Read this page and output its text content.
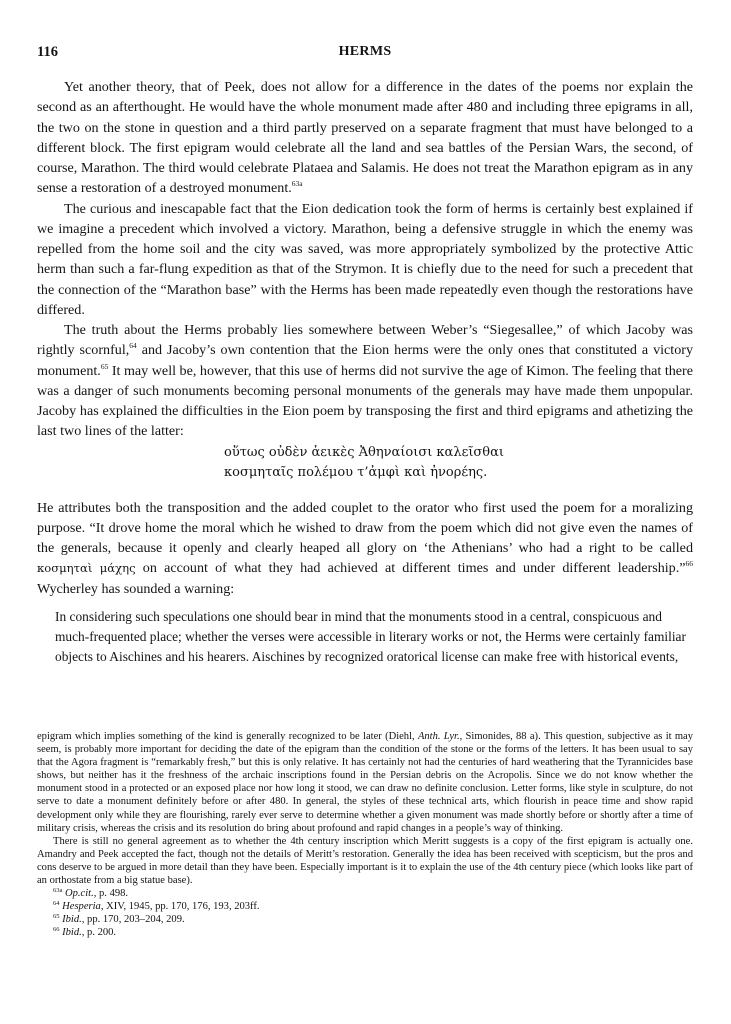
116	HERMS

Yet another theory, that of Peek, does not allow for a difference in the dates of the poems nor explain the second as an afterthought. He would have the whole monument made after 480 and including three epigrams in all, the two on the stone in question and a third partly preserved on a separate fragment that must have belonged to a different block. The first epigram would celebrate all the land and sea battles of the Persian Wars, the second, of course, Marathon. The third would celebrate Plataea and Salamis. He does not treat the Marathon epigram as in any sense a restoration of a destroyed monument.$^{63a}$

The curious and inescapable fact that the Eion dedication took the form of herms is certainly best explained if we imagine a precedent which involved a victory. Marathon, being a defensive struggle in which the enemy was repelled from the home soil and the city was saved, was more appropriately symbolized by the protective Attic herm than such a far-flung expedition as that of the Strymon. It is chiefly due to the need for such a precedent that the connection of the “Marathon base” with the Herms has been made repeatedly even though the restorations have differed.

The truth about the Herms probably lies somewhere between Weber’s “Siegesallee,” of which Jacoby was rightly scornful,$^{64}$ and Jacoby’s own contention that the Eion herms were the only ones that constituted a victory monument.$^{65}$ It may well be, however, that this use of herms did not survive the age of Kimon. The feeling that there was a danger of such monuments becoming personal monuments of the generals may have made them unpopular. Jacoby has explained the difficulties in the Eion poem by transposing the first and third epigrams and athetizing the last two lines of the latter:

οὕτως οὐδὲν ἀεικὲς Ἀθηναίοισι καλεῖσθαι
κοσμηταῖς πολέμου τ’ἀμφὶ καὶ ἠνορέης.

He attributes both the transposition and the added couplet to the orator who first used the poem for a moralizing purpose. “It drove home the moral which he wished to draw from the poem which did not give even the names of the generals, because it openly and clearly heaped all glory on ‘the Athenians’ who had a right to be called κοσμηταὶ μάχης on account of what they had achieved at different times and under different leadership.”$^{66}$ Wycherley has sounded a warning:

In considering such speculations one should bear in mind that the monuments stood in a central, conspicuous and much-frequented place; whether the verses were accessible in literary works or not, the Herms were certainly familiar objects to Aischines and his hearers. Aischines by recognized oratorical license can make free with historical events,

epigram which implies something of the kind is generally recognized to be later (Diehl, Anth. Lyr., Simonides, 88 a). This question, subjective as it may seem, is probably more important for deciding the date of the epigram than the condition of the stone or the forms of the letters. It has been usual to say that the Agora fragment is “remarkably fresh,” but this is only relative. It has certainly not had the centuries of hard weathering that the Tyrannicides base shows, but neither has it the freshness of the archaic inscriptions found in the Persian debris on the Acropolis. Since we do not know whether the monument stood in a protected or an exposed place nor how long it stood, we can draw no definite conclusion. Letter forms, like style in sculpture, do not serve to date a monument definitely before or after 480. In general, the styles of these technical arts, which flourish in peace time and show rapid development only while they are flourishing, rarely ever serve to determine whether a given monument was made shortly before or shortly after a time of military crisis, whereas the crisis and its resolution do bring about profound and rapid changes in a people’s way of thinking.

There is still no general agreement as to whether the 4th century inscription which Meritt suggests is a copy of the first epigram is actually one. Amandry and Peek accepted the fact, though not the details of Meritt’s restoration. Generally the idea has been received with scepticism, but the pros and cons deserve to be argued in more detail than they have been. Especially important is it to explain the use of the 4th century piece (which looks like part of an orthostate from a big statue base).

$^{63a}$ Op.cit., p. 498.

$^{64}$ Hesperia, XIV, 1945, pp. 170, 176, 193, 203ff.

$^{65}$ Ibid., pp. 170, 203–204, 209.

$^{66}$ Ibid., p. 200.
